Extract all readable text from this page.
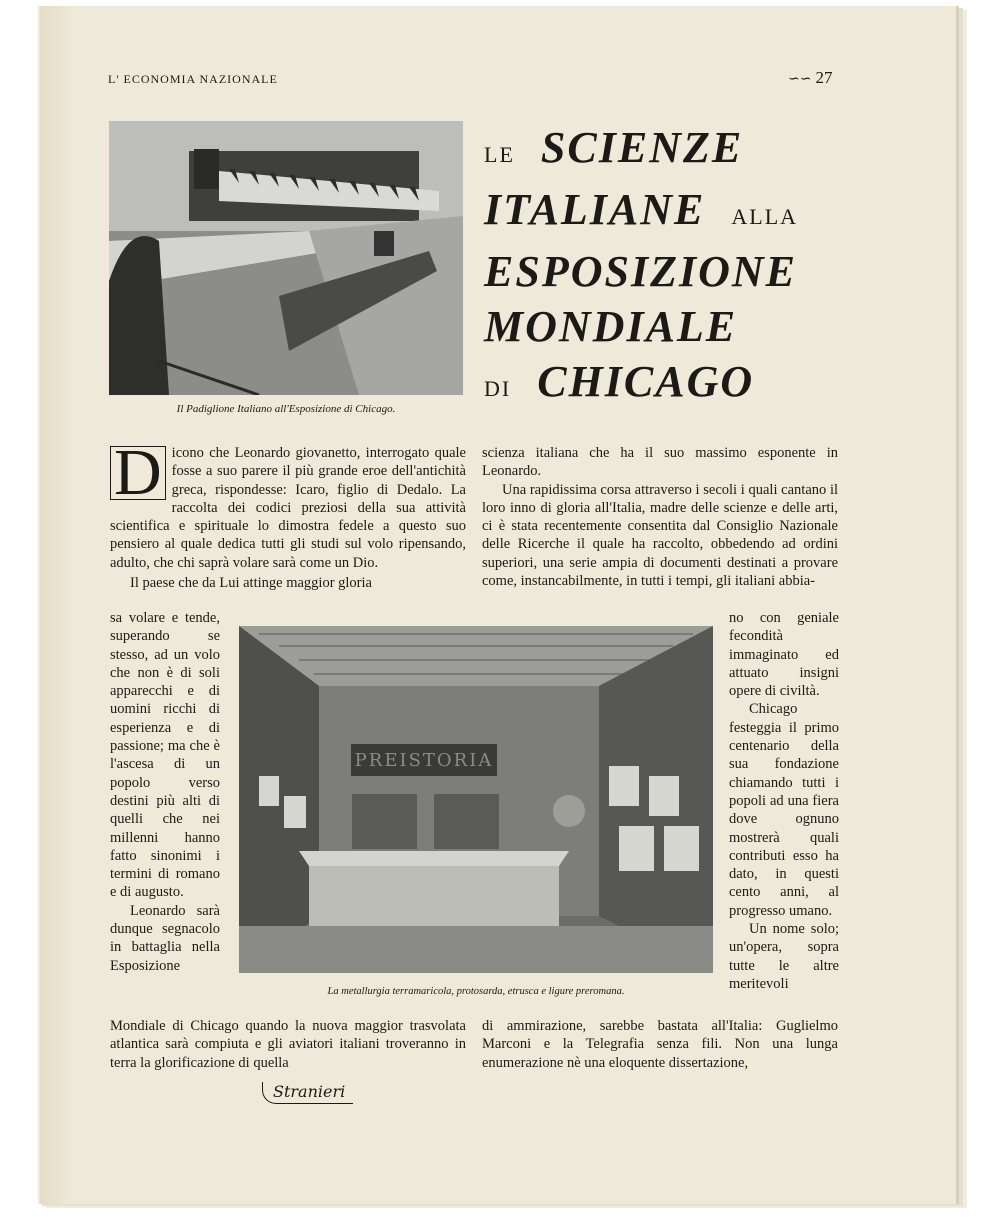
L' ECONOMIA NAZIONALE	∽∽ 27
Il Padiglione Italiano all'Esposizione di Chicago.
LE SCIENZE
ITALIANE ALLA
ESPOSIZIONE
MONDIALE
DI CHICAGO

D icono che Leonardo giovanetto, interrogato quale fosse a suo parere il più grande eroe dell'antichità greca, rispondesse: Icaro, figlio di Dedalo. La raccolta dei codici preziosi della sua attività scientifica e spirituale lo dimostra fedele a questo suo pensiero al quale dedica tutti gli studi sul volo ripensando, adulto, che chi saprà volare sarà come un Dio.

Il paese che da Lui attinge maggior gloria

sa volare e tende, superando se stesso, ad un volo che non è di soli apparecchi e di uomini ricchi di esperienza e di passione; ma che è l'ascesa di un popolo verso destini più alti di quelli che nei millenni hanno fatto sinonimi i termini di romano e di augusto.

Leonardo sarà dunque segnacolo in battaglia nella Esposizione

PREISTORIA
La metallurgia terramaricola, protosarda, etrusca e ligure preromana.

Mondiale di Chicago quando la nuova maggior trasvolata atlantica sarà compiuta e gli aviatori italiani troveranno in terra la glorificazione di quella

scienza italiana che ha il suo massimo esponente in Leonardo.

Una rapidissima corsa attraverso i secoli i quali cantano il loro inno di gloria all'Italia, madre delle scienze e delle arti, ci è stata recentemente consentita dal Consiglio Nazionale delle Ricerche il quale ha raccolto, obbedendo ad ordini superiori, una serie ampia di documenti destinati a provare come, instancabilmente, in tutti i tempi, gli italiani abbia-

no con geniale fecondità immaginato ed attuato insigni opere di civiltà.

Chicago festeggia il primo centenario della sua fondazione chiamando tutti i popoli ad una fiera dove ognuno mostrerà quali contributi esso ha dato, in questi cento anni, al progresso umano.

Un nome solo; un'opera, sopra tutte le altre meritevoli

di ammirazione, sarebbe bastata all'Italia: Guglielmo Marconi e la Telegrafia senza fili. Non una lunga enumerazione nè una eloquente dissertazione,

Stranieri
